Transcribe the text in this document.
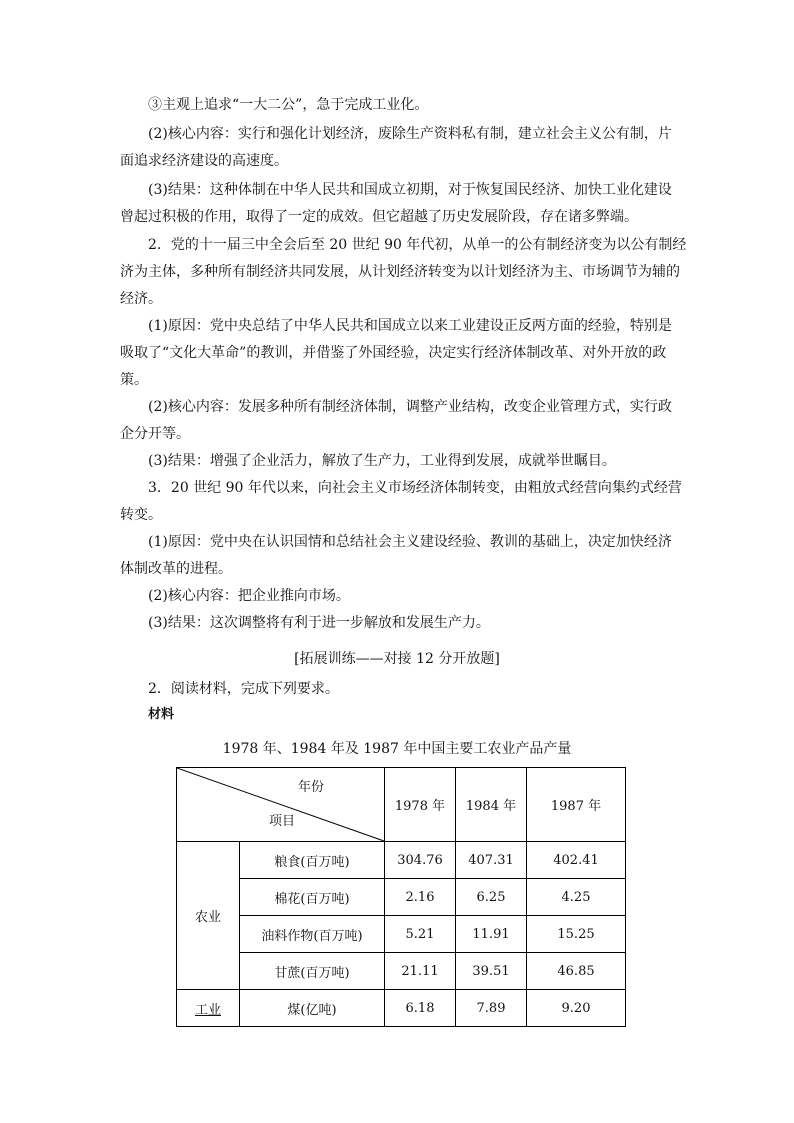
③主观上追求“一大二公”，急于完成工业化。
(2)核心内容：实行和强化计划经济，废除生产资料私有制，建立社会主义公有制，片
面追求经济建设的高速度。
(3)结果：这种体制在中华人民共和国成立初期，对于恢复国民经济、加快工业化建设
曾起过积极的作用，取得了一定的成效。但它超越了历史发展阶段，存在诸多弊端。
2．党的十一届三中全会后至 20 世纪 90 年代初，从单一的公有制经济变为以公有制经
济为主体，多种所有制经济共同发展，从计划经济转变为以计划经济为主、市场调节为辅的
经济。
(1)原因：党中央总结了中华人民共和国成立以来工业建设正反两方面的经验，特别是
吸取了“文化大革命”的教训，并借鉴了外国经验，决定实行经济体制改革、对外开放的政
策。
(2)核心内容：发展多种所有制经济体制，调整产业结构，改变企业管理方式，实行政
企分开等。
(3)结果：增强了企业活力，解放了生产力，工业得到发展，成就举世瞩目。
3．20 世纪 90 年代以来，向社会主义市场经济体制转变，由粗放式经营向集约式经营
转变。
(1)原因：党中央在认识国情和总结社会主义建设经验、教训的基础上，决定加快经济
体制改革的进程。
(2)核心内容：把企业推向市场。
(3)结果：这次调整将有利于进一步解放和发展生产力。
[拓展训练——对接 12 分开放题]
2．阅读材料，完成下列要求。
材料
1978 年、1984 年及 1987 年中国主要工农业产品产量
年份
项目		1978 年	1984 年	1987 年
农业	粮食(百万吨)	304.76	407.31	402.41
	棉花(百万吨)	2.16	6.25	4.25
	油料作物(百万吨)	5.21	11.91	15.25
	甘蔗(百万吨)	21.11	39.51	46.85
工业	煤(亿吨)	6.18	7.89	9.20
